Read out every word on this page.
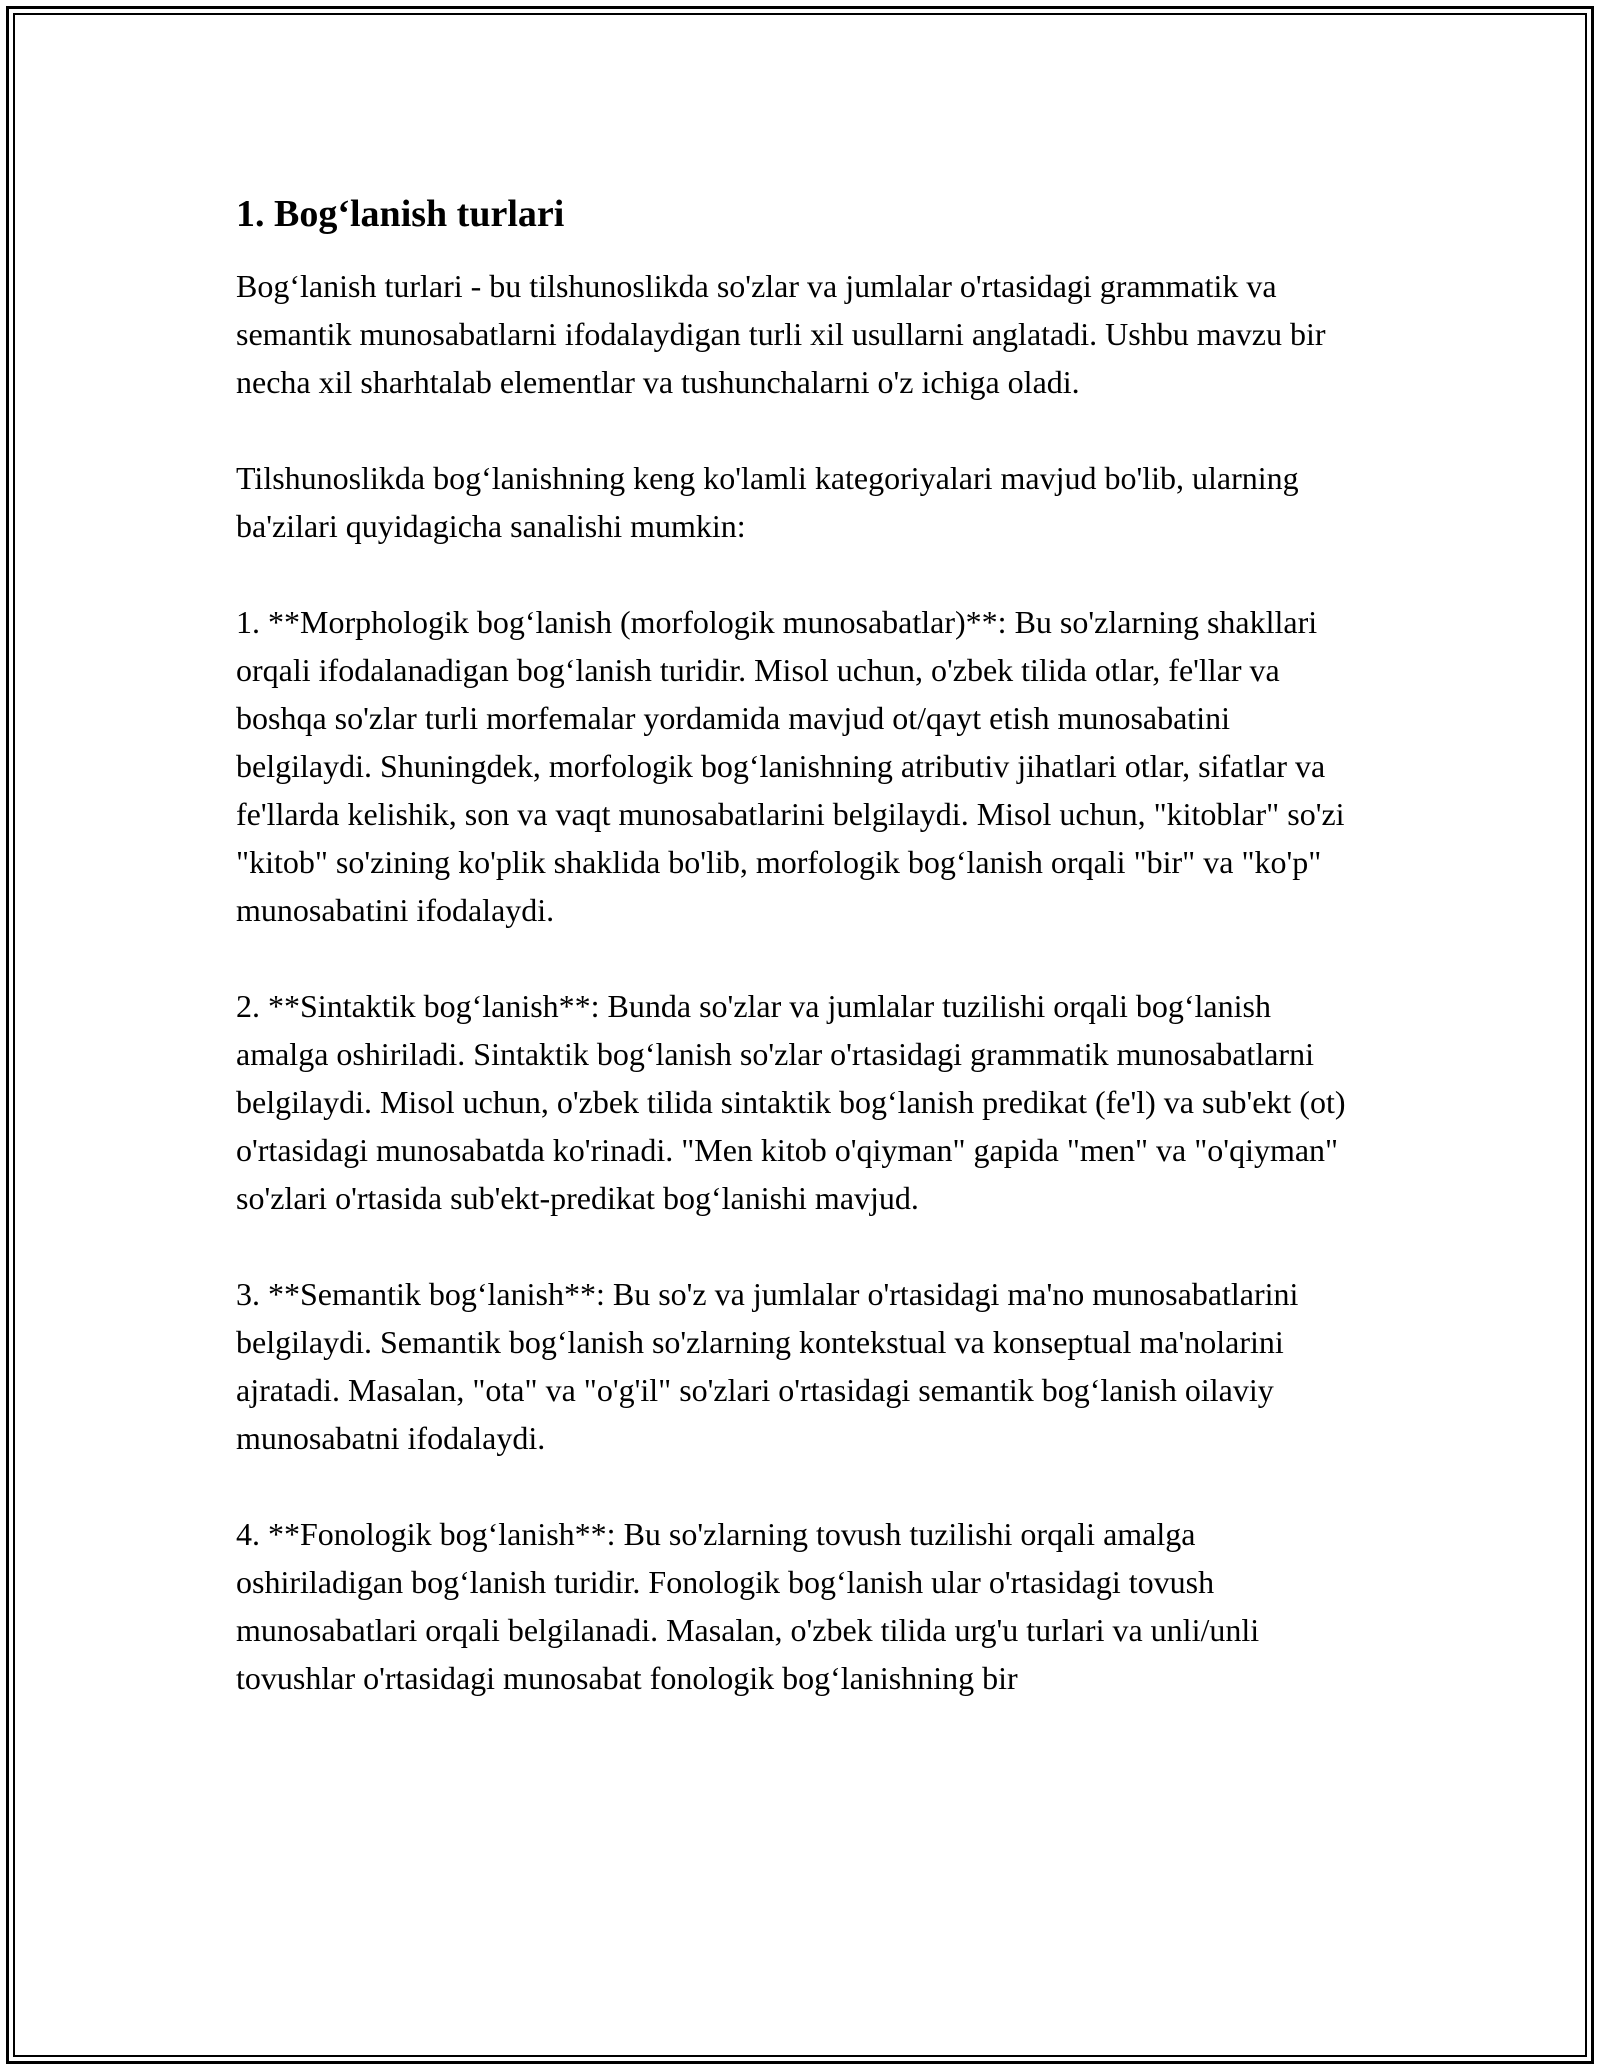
1. Bog‘lanish turlari

Bog‘lanish turlari - bu tilshunoslikda so'zlar va jumlalar o'rtasidagi grammatik va semantik munosabatlarni ifodalaydigan turli xil usullarni anglatadi. Ushbu mavzu bir necha xil sharhtalab elementlar va tushunchalarni o'z ichiga oladi.

Tilshunoslikda bog‘lanishning keng ko'lamli kategoriyalari mavjud bo'lib, ularning ba'zilari quyidagicha sanalishi mumkin:

1. **Morphologik bog‘lanish (morfologik munosabatlar)**: Bu so'zlarning shakllari orqali ifodalanadigan bog‘lanish turidir. Misol uchun, o'zbek tilida otlar, fe'llar va boshqa so'zlar turli morfemalar yordamida mavjud ot/qayt etish munosabatini belgilaydi. Shuningdek, morfologik bog‘lanishning atributiv jihatlari otlar, sifatlar va fe'llarda kelishik, son va vaqt munosabatlarini belgilaydi. Misol uchun, "kitoblar" so'zi "kitob" so'zining ko'plik shaklida bo'lib, morfologik bog‘lanish orqali "bir" va "ko'p" munosabatini ifodalaydi.

2. **Sintaktik bog‘lanish**: Bunda so'zlar va jumlalar tuzilishi orqali bog‘lanish amalga oshiriladi. Sintaktik bog‘lanish so'zlar o'rtasidagi grammatik munosabatlarni belgilaydi. Misol uchun, o'zbek tilida sintaktik bog‘lanish predikat (fe'l) va sub'ekt (ot) o'rtasidagi munosabatda ko'rinadi. "Men kitob o'qiyman" gapida "men" va "o'qiyman" so'zlari o'rtasida sub'ekt-predikat bog‘lanishi mavjud.

3. **Semantik bog‘lanish**: Bu so'z va jumlalar o'rtasidagi ma'no munosabatlarini belgilaydi. Semantik bog‘lanish so'zlarning kontekstual va konseptual ma'nolarini ajratadi. Masalan, "ota" va "o'g'il" so'zlari o'rtasidagi semantik bog‘lanish oilaviy munosabatni ifodalaydi.

4. **Fonologik bog‘lanish**: Bu so'zlarning tovush tuzilishi orqali amalga oshiriladigan bog‘lanish turidir. Fonologik bog‘lanish ular o'rtasidagi tovush munosabatlari orqali belgilanadi. Masalan, o'zbek tilida urg'u turlari va unli/unli tovushlar o'rtasidagi munosabat fonologik bog‘lanishning bir
